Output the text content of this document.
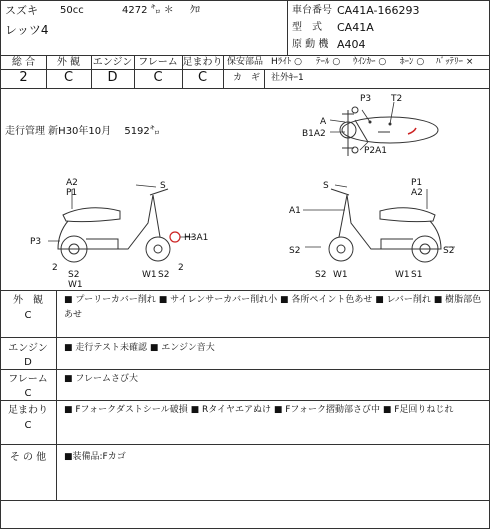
スズキ 50cc	4272 ㌔ ＊ ｸﾛ
レッツ4
車台番号 CA41A-166293
型　式 CA41A
原 動 機 A404
総 合	外 観	エンジン フレーム 足まわり
2	C	D	C	C
保安部品 Hﾗｲﾄ ○ ﾃｰﾙ ○ ｳｲﾝｶｰ ○ ﾎｰﾝ ○ ﾊﾞｯﾃﾘｰ ×
カ　ギ 社外ｷｰ1
走行管理 新H30年10月　 5192㌔
A
B1A2
P3 T2
P2A1
A2
P1
S
P3	H3A1
2
S2
W1
W1 S2
2
S	P1
A2
A1
S2
S2 W1	W1 S1
S2
外　観
C
■ プーリーカバー削れ ■ サイレンサーカバー削れ小 ■ 各所ペイント色あせ ■ レバー削れ ■ 樹脂部色
あせ
エンジン
D
■ 走行テスト未確認 ■ エンジン音大
フレーム
C
■ フレームさび大
足まわり
C
■ Fフォークダストシール破損 ■ Rタイヤエアぬけ ■ Fフォーク摺動部さび中 ■ F足回りねじれ
そ の 他	■装備品:Fカゴ
